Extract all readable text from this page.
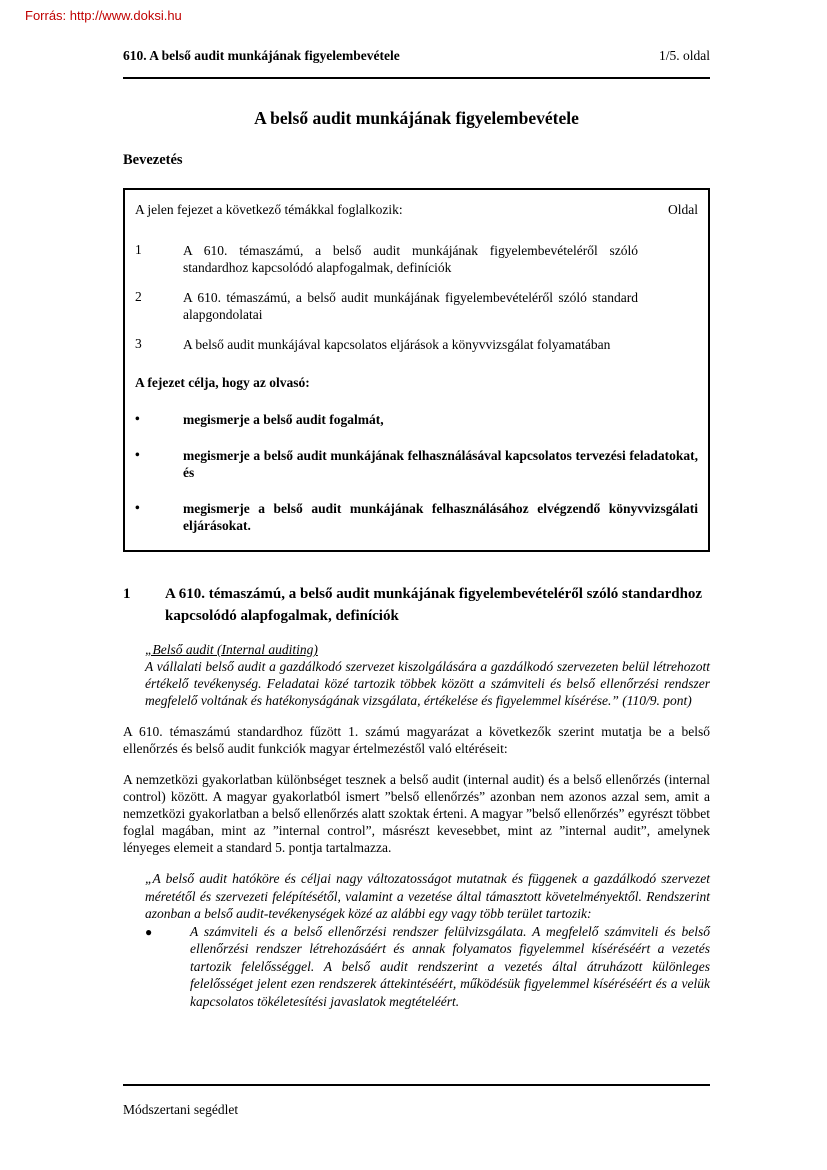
Forrás: http://www.doksi.hu
610. A belső audit munkájának figyelembevétele	1/5. oldal
A belső audit munkájának figyelembevétele
Bevezetés
A jelen fejezet a következő témákkal foglalkozik:	Oldal
1	A 610. témaszámú, a belső audit munkájának figyelembevételéről szóló standardhoz kapcsolódó alapfogalmak, definíciók
2	A 610. témaszámú, a belső audit munkájának figyelembevételéről szóló standard alapgondolatai
3	A belső audit munkájával kapcsolatos eljárások a könyvvizsgálat folyamatában
A fejezet célja, hogy az olvasó:
•	megismerje a belső audit fogalmát,
•	megismerje a belső audit munkájának felhasználásával kapcsolatos tervezési feladatokat, és
•	megismerje a belső audit munkájának felhasználásához elvégzendő könyvvizsgálati eljárásokat.
1	A 610. témaszámú, a belső audit munkájának figyelembevételéről szóló standardhoz kapcsolódó alapfogalmak, definíciók
„Belső audit (Internal auditing)
A vállalati belső audit a gazdálkodó szervezet kiszolgálására a gazdálkodó szervezeten belül létrehozott értékelő tevékenység. Feladatai közé tartozik többek között a számviteli és belső ellenőrzési rendszer megfelelő voltának és hatékonyságának vizsgálata, értékelése és figyelemmel kísérése.” (110/9. pont)
A 610. témaszámú standardhoz fűzött 1. számú magyarázat a következők szerint mutatja be a belső ellenőrzés és belső audit funkciók magyar értelmezéstől való eltéréseit:
A nemzetközi gyakorlatban különbséget tesznek a belső audit (internal audit) és a belső ellenőrzés (internal control) között. A magyar gyakorlatból ismert ”belső ellenőrzés” azonban nem azonos azzal sem, amit a nemzetközi gyakorlatban a belső ellenőrzés alatt szoktak érteni. A magyar ”belső ellenőrzés” egyrészt többet foglal magában, mint az ”internal control”, másrészt kevesebbet, mint az ”internal audit”, amelynek lényeges elemeit a standard 5. pontja tartalmazza.
„A belső audit hatóköre és céljai nagy változatosságot mutatnak és függenek a gazdálkodó szervezet méretétől és szervezeti felépítésétől, valamint a vezetése által támasztott követelményektől. Rendszerint azonban a belső audit-tevékenységek közé az alábbi egy vagy több terület tartozik:
●	A számviteli és a belső ellenőrzési rendszer felülvizsgálata. A megfelelő számviteli és belső ellenőrzési rendszer létrehozásáért és annak folyamatos figyelemmel kíséréséért a vezetés tartozik felelősséggel. A belső audit rendszerint a vezetés által átruházott különleges felelősséget jelent ezen rendszerek áttekintéséért, működésük figyelemmel kíséréséért és a velük kapcsolatos tökéletesítési javaslatok megtételéért.
Módszertani segédlet
